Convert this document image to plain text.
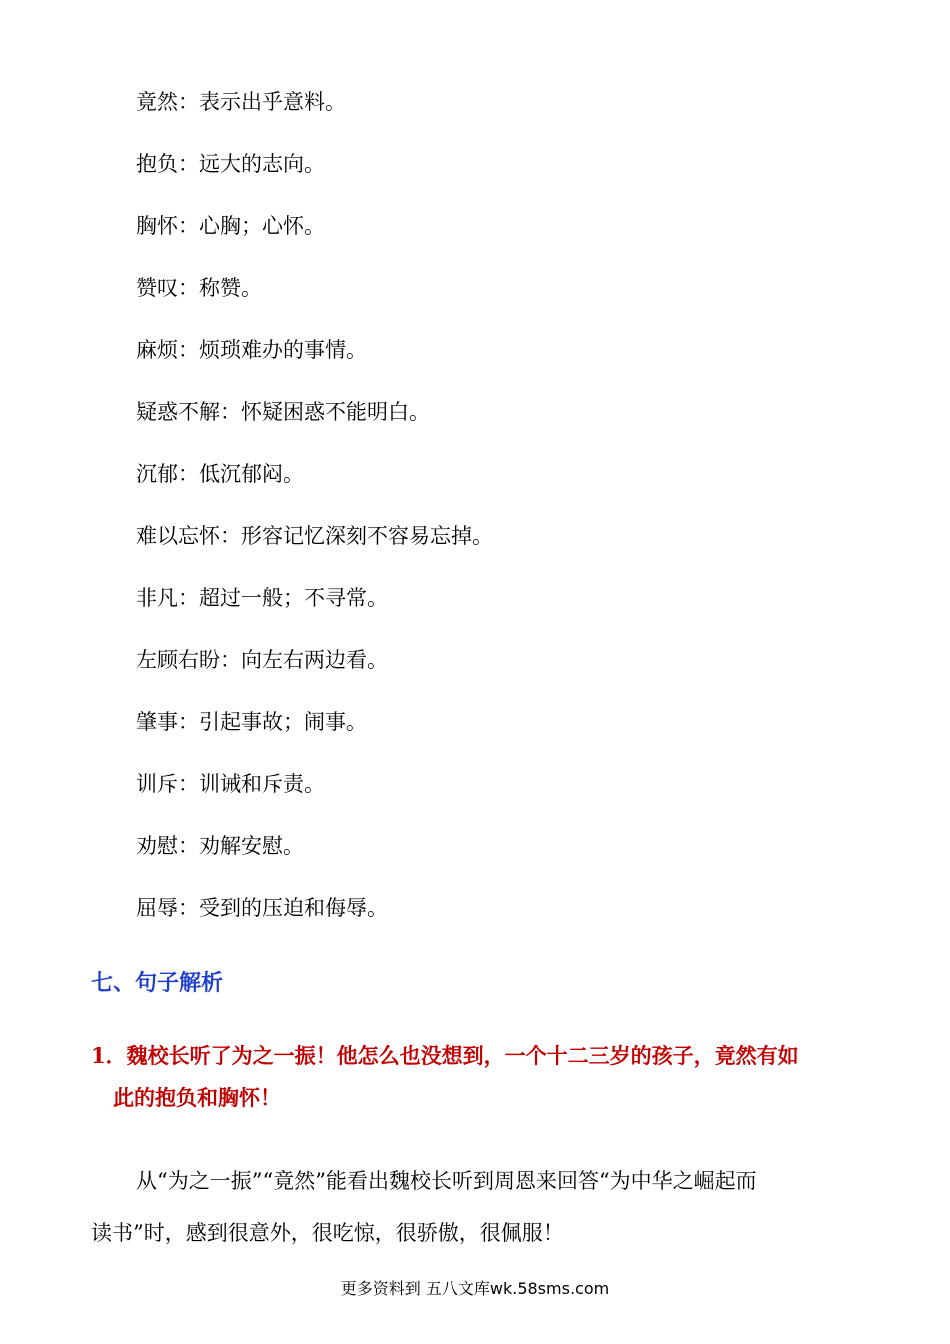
竟然：表示出乎意料。
抱负：远大的志向。
胸怀：心胸；心怀。
赞叹：称赞。
麻烦：烦琐难办的事情。
疑惑不解：怀疑困惑不能明白。
沉郁：低沉郁闷。
难以忘怀：形容记忆深刻不容易忘掉。
非凡：超过一般；不寻常。
左顾右盼：向左右两边看。
肇事：引起事故；闹事。
训斥：训诫和斥责。
劝慰：劝解安慰。
屈辱：受到的压迫和侮辱。
七、句子解析

1．魏校长听了为之一振！他怎么也没想到，一个十二三岁的孩子，竟然有如
此的抱负和胸怀！

从“为之一振”“竟然”能看出魏校长听到周恩来回答“为中华之崛起而
读书”时，感到很意外，很吃惊，很骄傲，很佩服！

更多资料到 五八文库wk.58sms.com
